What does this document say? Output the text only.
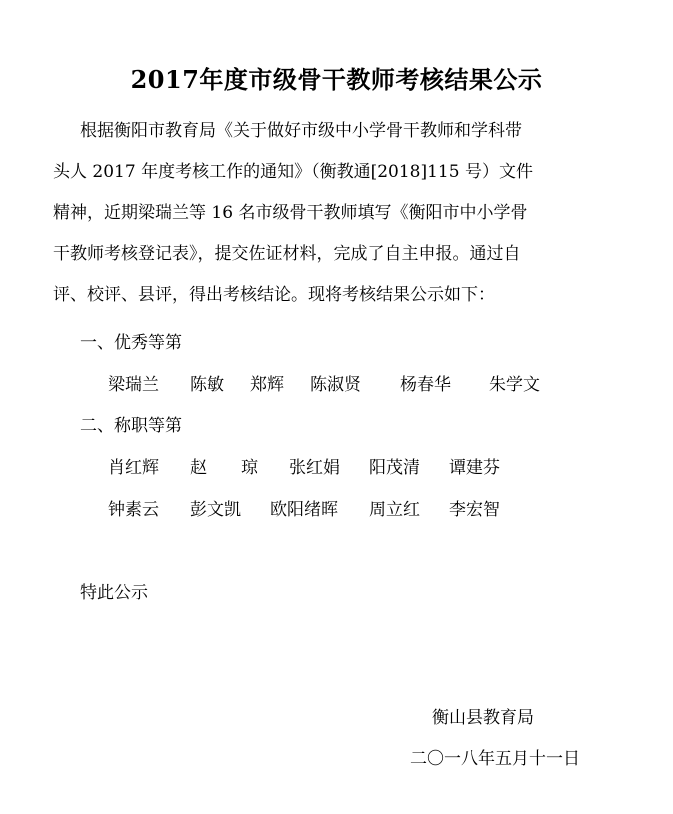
2017年度市级骨干教师考核结果公示
根据衡阳市教育局《关于做好市级中小学骨干教师和学科带
头人 2017 年度考核工作的通知》（衡教通[2018]115 号）文件
精神，近期梁瑞兰等 16 名市级骨干教师填写《衡阳市中小学骨
干教师考核登记表》，提交佐证材料，完成了自主申报。通过自
评、校评、县评，得出考核结论。现将考核结果公示如下：
一、优秀等第
梁瑞兰 陈敏 郑辉 陈淑贤 杨春华 朱学文
二、称职等第
肖红辉 赵 琼 张红娟 阳茂清 谭建芬
钟素云 彭文凯 欧阳绪晖 周立红 李宏智
特此公示
衡山县教育局
二〇一八年五月十一日
